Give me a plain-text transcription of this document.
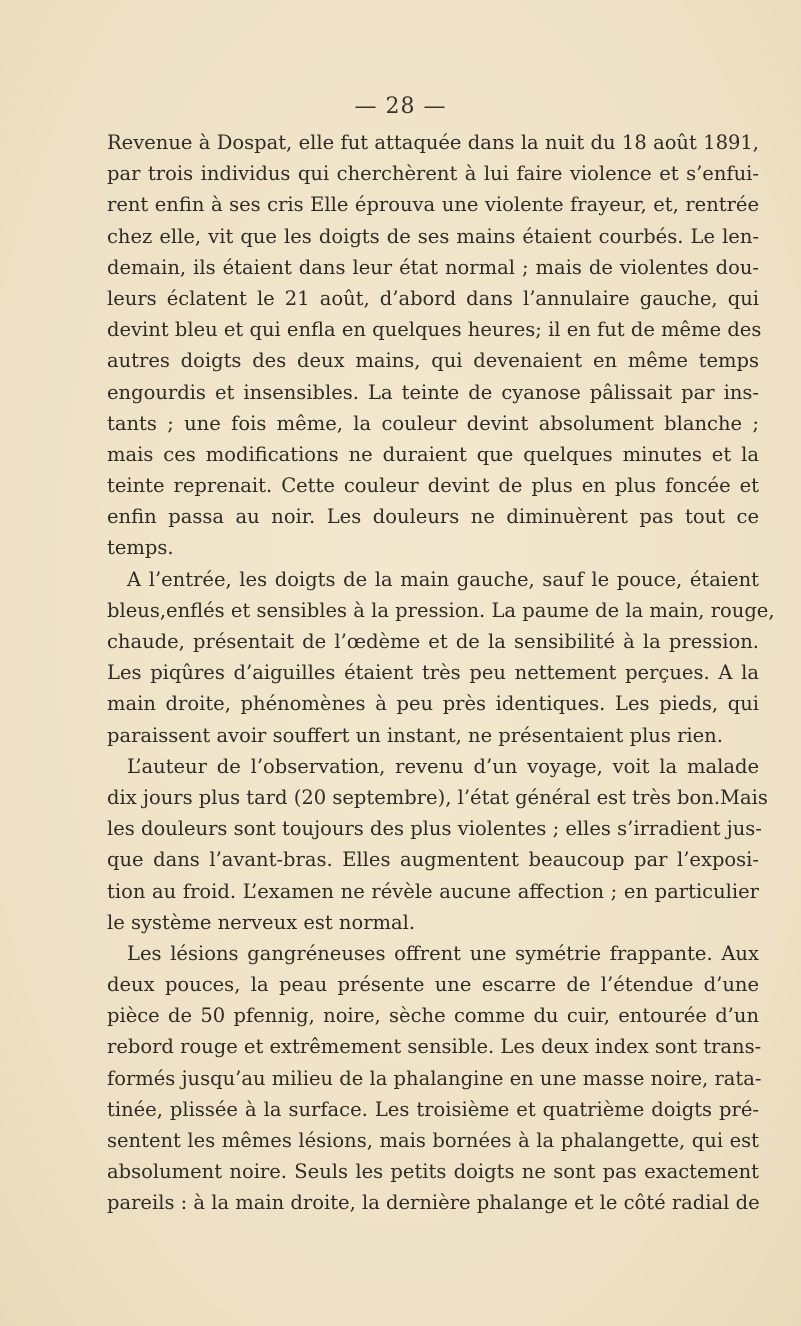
— 28 —
Revenue à Dospat, elle fut attaquée dans la nuit du 18 août 1891,
par trois individus qui cherchèrent à lui faire violence et s’enfui-
rent enfin à ses cris Elle éprouva une violente frayeur, et, rentrée
chez elle, vit que les doigts de ses mains étaient courbés. Le len-
demain, ils étaient dans leur état normal ; mais de violentes dou-
leurs éclatent le 21 août, d’abord dans l’annulaire gauche, qui
devint bleu et qui enfla en quelques heures; il en fut de même des
autres doigts des deux mains, qui devenaient en même temps
engourdis et insensibles. La teinte de cyanose pâlissait par ins-
tants ; une fois même, la couleur devint absolument blanche ;
mais ces modifications ne duraient que quelques minutes et la
teinte reprenait. Cette couleur devint de plus en plus foncée et
enfin passa au noir. Les douleurs ne diminuèrent pas tout ce
temps.
A l’entrée, les doigts de la main gauche, sauf le pouce, étaient
bleus,enflés et sensibles à la pression. La paume de la main, rouge,
chaude, présentait de l’œdème et de la sensibilité à la pression.
Les piqûres d’aiguilles étaient très peu nettement perçues. A la
main droite, phénomènes à peu près identiques. Les pieds, qui
paraissent avoir souffert un instant, ne présentaient plus rien.
L’auteur de l’observation, revenu d’un voyage, voit la malade
dix jours plus tard (20 septembre), l’état général est très bon.Mais
les douleurs sont toujours des plus violentes ; elles s’irradient jus-
que dans l’avant-bras. Elles augmentent beaucoup par l’exposi-
tion au froid. L’examen ne révèle aucune affection ; en particulier
le système nerveux est normal.
Les lésions gangréneuses offrent une symétrie frappante. Aux
deux pouces, la peau présente une escarre de l’étendue d’une
pièce de 50 pfennig, noire, sèche comme du cuir, entourée d’un
rebord rouge et extrêmement sensible. Les deux index sont trans-
formés jusqu’au milieu de la phalangine en une masse noire, rata-
tinée, plissée à la surface. Les troisième et quatrième doigts pré-
sentent les mêmes lésions, mais bornées à la phalangette, qui est
absolument noire. Seuls les petits doigts ne sont pas exactement
pareils : à la main droite, la dernière phalange et le côté radial de
